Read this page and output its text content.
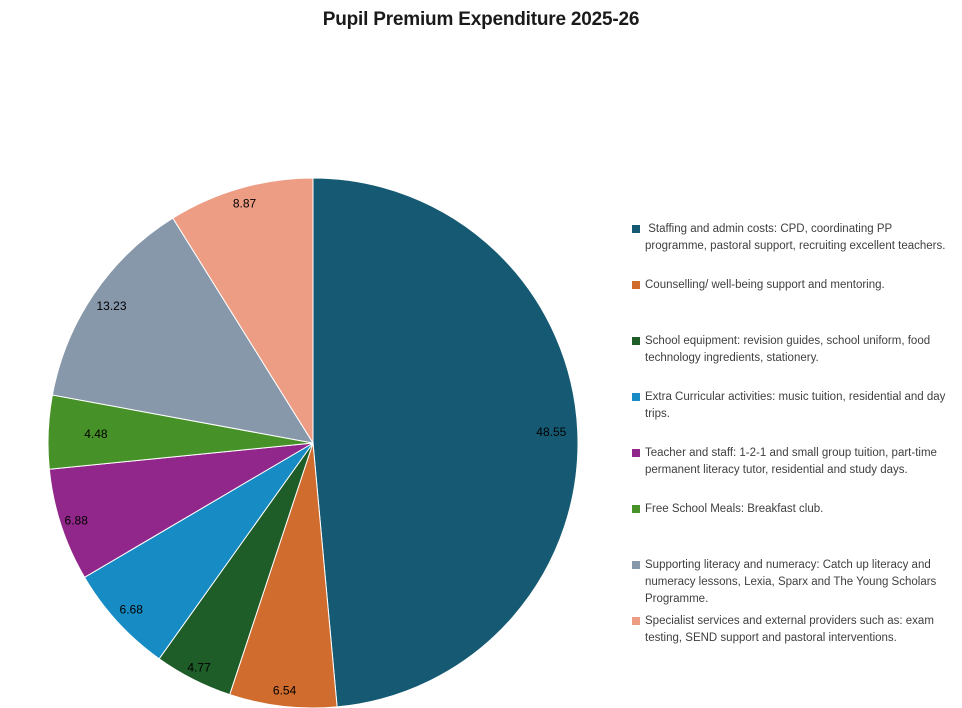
Pupil Premium Expenditure 2025-26
48.55
6.54
4.77
6.68
6.88
4.48
13.23
8.87
Staffing and admin costs: CPD, coordinating PP programme, pastoral support, recruiting excellent teachers.
Counselling/ well-being support and mentoring.
School equipment: revision guides, school uniform, food technology ingredients, stationery.
Extra Curricular activities: music tuition, residential and day trips.
Teacher and staff: 1-2-1 and small group tuition, part-time permanent literacy tutor, residential and study days.
Free School Meals: Breakfast club.
Supporting literacy and numeracy: Catch up literacy and numeracy lessons, Lexia, Sparx and The Young Scholars Programme.
Specialist services and external providers such as: exam testing, SEND support and pastoral interventions.
